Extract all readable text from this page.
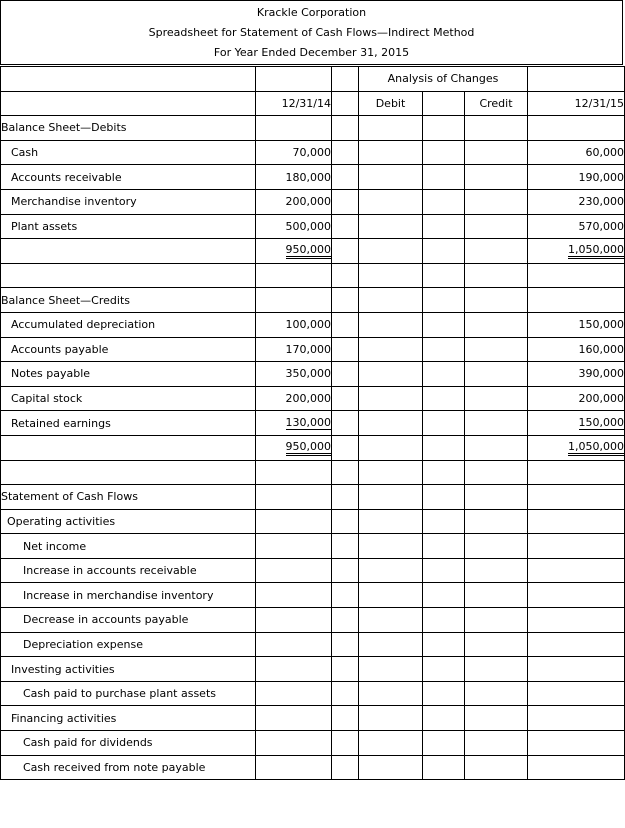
Krackle Corporation
Spreadsheet for Statement of Cash Flows—Indirect Method
For Year Ended December 31, 2015
			Analysis of Changes			
	12/31/14		Debit		Credit	12/31/15
Balance Sheet—Debits						
Cash	70,000					60,000
Accounts receivable	180,000					190,000
Merchandise inventory	200,000					230,000
Plant assets	500,000					570,000
	950,000					1,050,000

Balance Sheet—Credits						
Accumulated depreciation	100,000					150,000
Accounts payable	170,000					160,000
Notes payable	350,000					390,000
Capital stock	200,000					200,000
Retained earnings	130,000					150,000
	950,000					1,050,000

Statement of Cash Flows						
Operating activities						
Net income						
Increase in accounts receivable						
Increase in merchandise inventory						
Decrease in accounts payable						
Depreciation expense						
Investing activities						
Cash paid to purchase plant assets						
Financing activities						
Cash paid for dividends						
Cash received from note payable						
